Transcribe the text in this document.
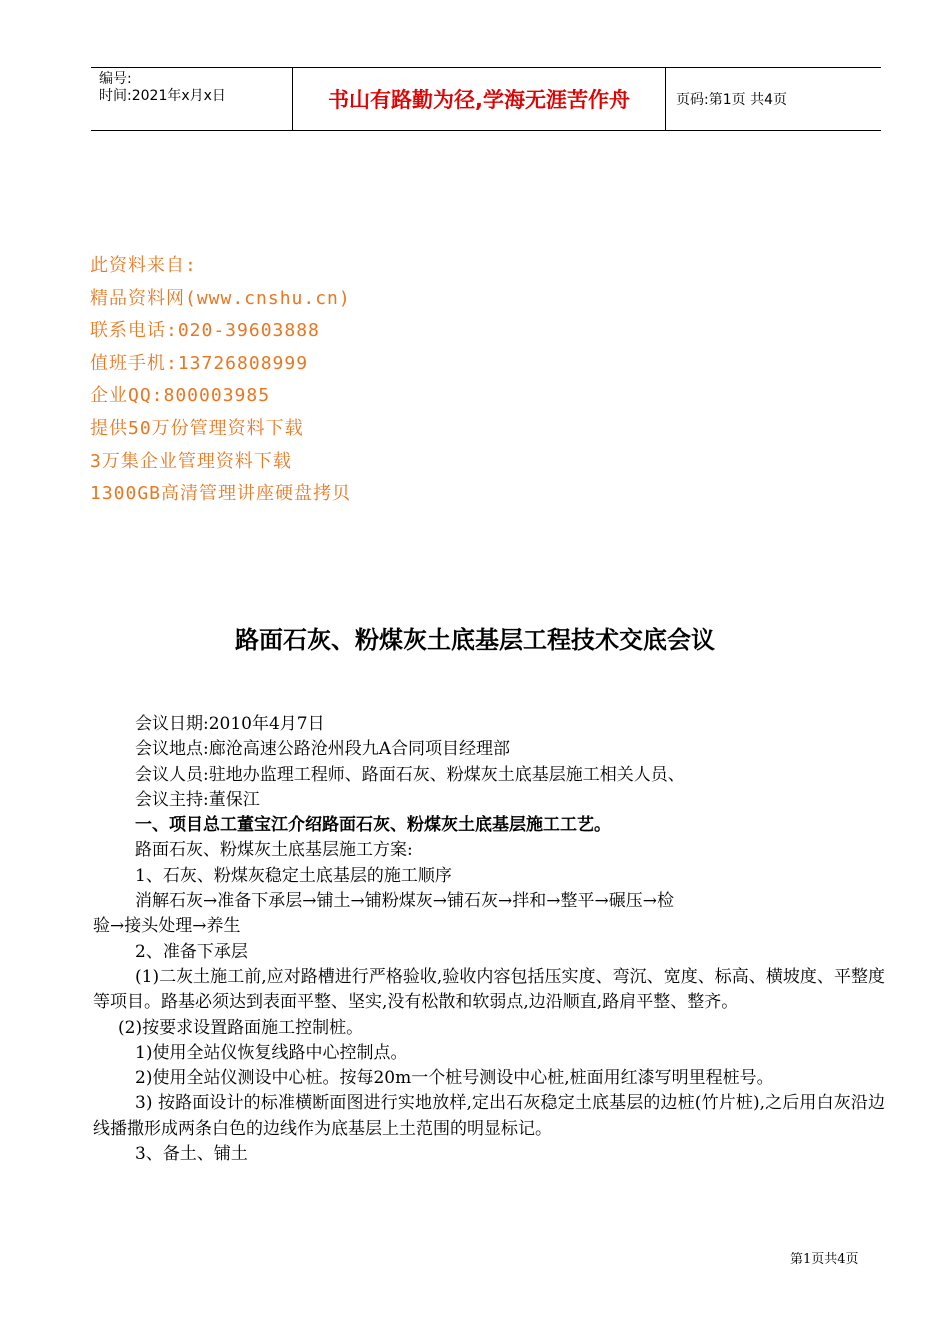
编号:
时间:2021年x月x日	书山有路勤为径,学海无涯苦作舟	页码:第1页 共4页
此资料来自:
精品资料网(www.cnshu.cn)
联系电话:020-39603888
值班手机:13726808999
企业QQ:800003985
提供50万份管理资料下载
3万集企业管理资料下载
1300GB高清管理讲座硬盘拷贝
路面石灰、粉煤灰土底基层工程技术交底会议

会议日期:2010年4月7日

会议地点:廊沧高速公路沧州段九A合同项目经理部

会议人员:驻地办监理工程师、路面石灰、粉煤灰土底基层施工相关人员、

会议主持:董保江

一、项目总工董宝江介绍路面石灰、粉煤灰土底基层施工工艺。

路面石灰、粉煤灰土底基层施工方案:

1、石灰、粉煤灰稳定土底基层的施工顺序

消解石灰→准备下承层→铺土→铺粉煤灰→铺石灰→拌和→整平→碾压→检

验→接头处理→养生

2、准备下承层

(1)二灰土施工前,应对路槽进行严格验收,验收内容包括压实度、弯沉、宽度、标高、横坡度、平整度等项目。路基必须达到表面平整、坚实,没有松散和软弱点,边沿顺直,路肩平整、整齐。

(2)按要求设置路面施工控制桩。

1)使用全站仪恢复线路中心控制点。

2)使用全站仪测设中心桩。按每20m一个桩号测设中心桩,桩面用红漆写明里程桩号。

3) 按路面设计的标准横断面图进行实地放样,定出石灰稳定土底基层的边桩(竹片桩),之后用白灰沿边线播撒形成两条白色的边线作为底基层上土范围的明显标记。

3、备土、铺土

第1页共4页
